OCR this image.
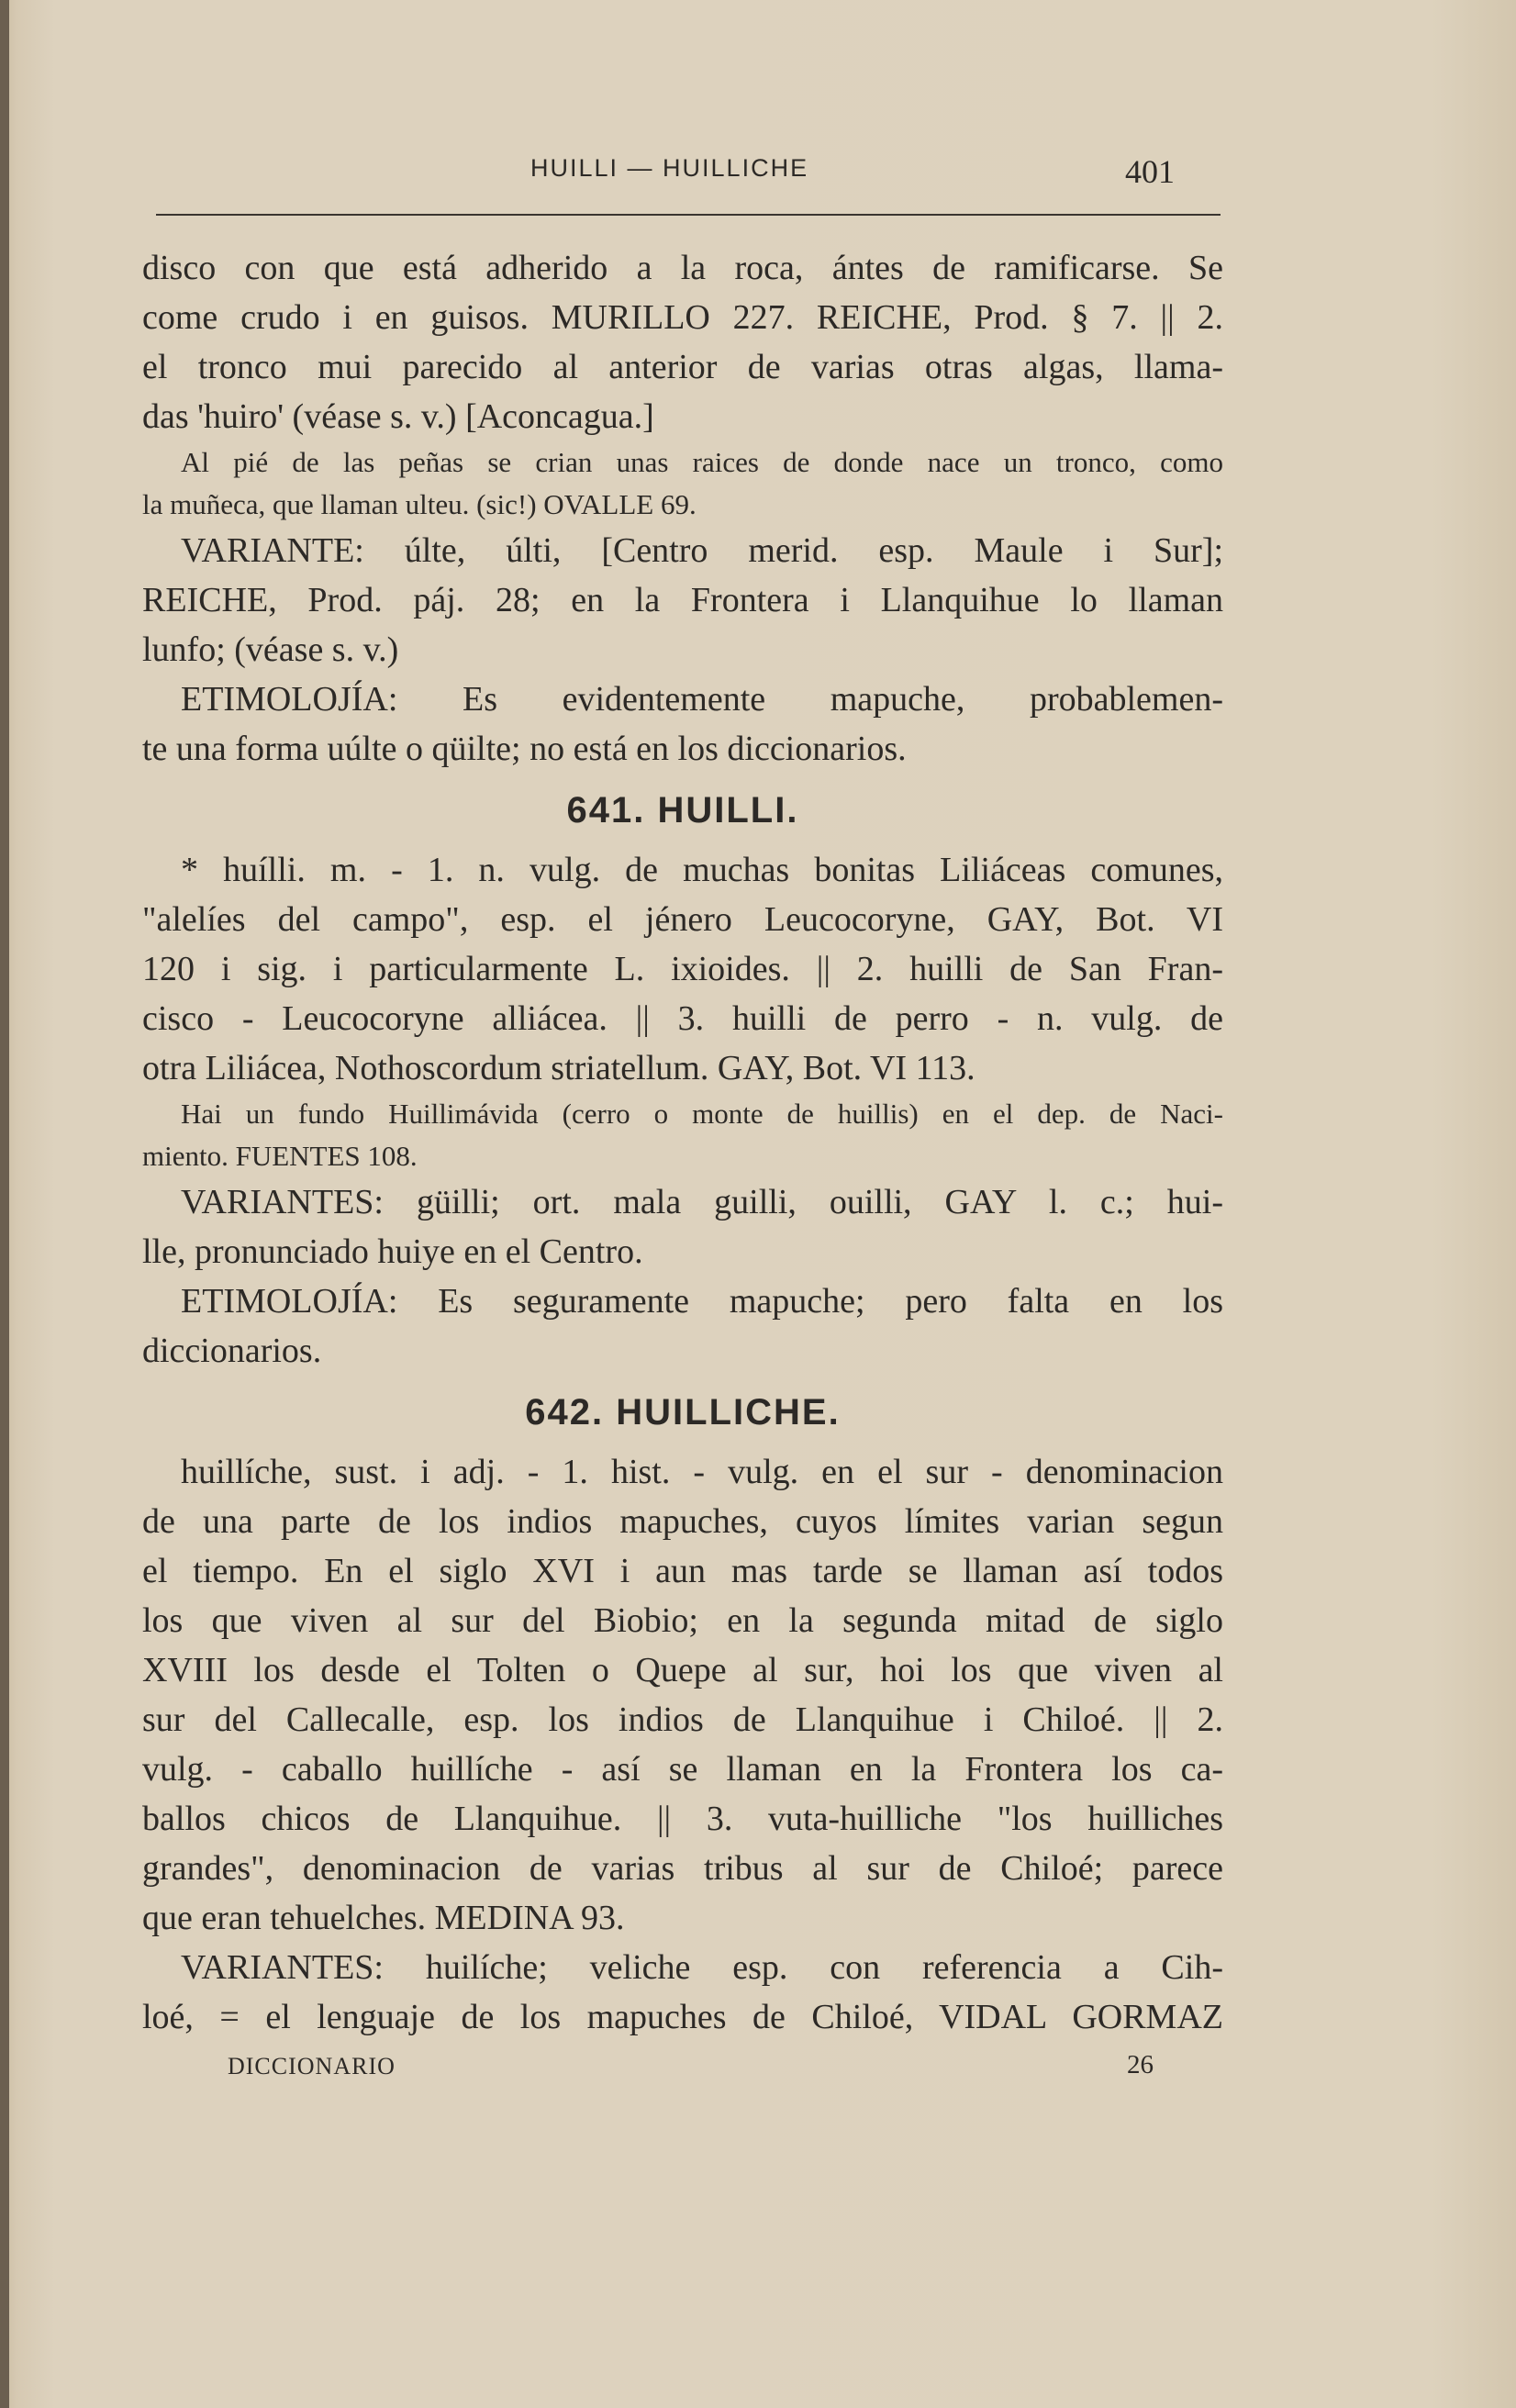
HUILLI — HUILLICHE	401
disco con que está adherido a la roca, ántes de ramificarse. Se
come crudo i en guisos. MURILLO 227. REICHE, Prod. § 7. || 2.
el tronco mui parecido al anterior de varias otras algas, llama-
das 'huiro' (véase s. v.) [Aconcagua.]
Al pié de las peñas se crian unas raices de donde nace un tronco, como
la muñeca, que llaman ulteu. (sic!) OVALLE 69.
VARIANTE: últe, últi, [Centro merid. esp. Maule i Sur];
REICHE, Prod. páj. 28; en la Frontera i Llanquihue lo llaman
lunfo; (véase s. v.)
ETIMOLOJÍA: Es evidentemente mapuche, probablemen-
te una forma uúlte o qüilte; no está en los diccionarios.
641. HUILLI.
* huílli. m. - 1. n. vulg. de muchas bonitas Liliáceas comunes,
"alelíes del campo", esp. el jénero Leucocoryne, GAY, Bot. VI
120 i sig. i particularmente L. ixioides. || 2. huilli de San Fran-
cisco - Leucocoryne alliácea. || 3. huilli de perro - n. vulg. de
otra Liliácea, Nothoscordum striatellum. GAY, Bot. VI 113.
Hai un fundo Huillimávida (cerro o monte de huillis) en el dep. de Naci-
miento. FUENTES 108.
VARIANTES: güilli; ort. mala guilli, ouilli, GAY l. c.; hui-
lle, pronunciado huiye en el Centro.
ETIMOLOJÍA: Es seguramente mapuche; pero falta en los
diccionarios.
642. HUILLICHE.
huillíche, sust. i adj. - 1. hist. - vulg. en el sur - denominacion
de una parte de los indios mapuches, cuyos límites varian segun
el tiempo. En el siglo XVI i aun mas tarde se llaman así todos
los que viven al sur del Biobio; en la segunda mitad de siglo
XVIII los desde el Tolten o Quepe al sur, hoi los que viven al
sur del Callecalle, esp. los indios de Llanquihue i Chiloé. || 2.
vulg. - caballo huillíche - así se llaman en la Frontera los ca-
ballos chicos de Llanquihue. || 3. vuta-huilliche "los huilliches
grandes", denominacion de varias tribus al sur de Chiloé; parece
que eran tehuelches. MEDINA 93.
VARIANTES: huilíche; veliche esp. con referencia a Cih-
loé, = el lenguaje de los mapuches de Chiloé, VIDAL GORMAZ
DICCIONARIO	26
